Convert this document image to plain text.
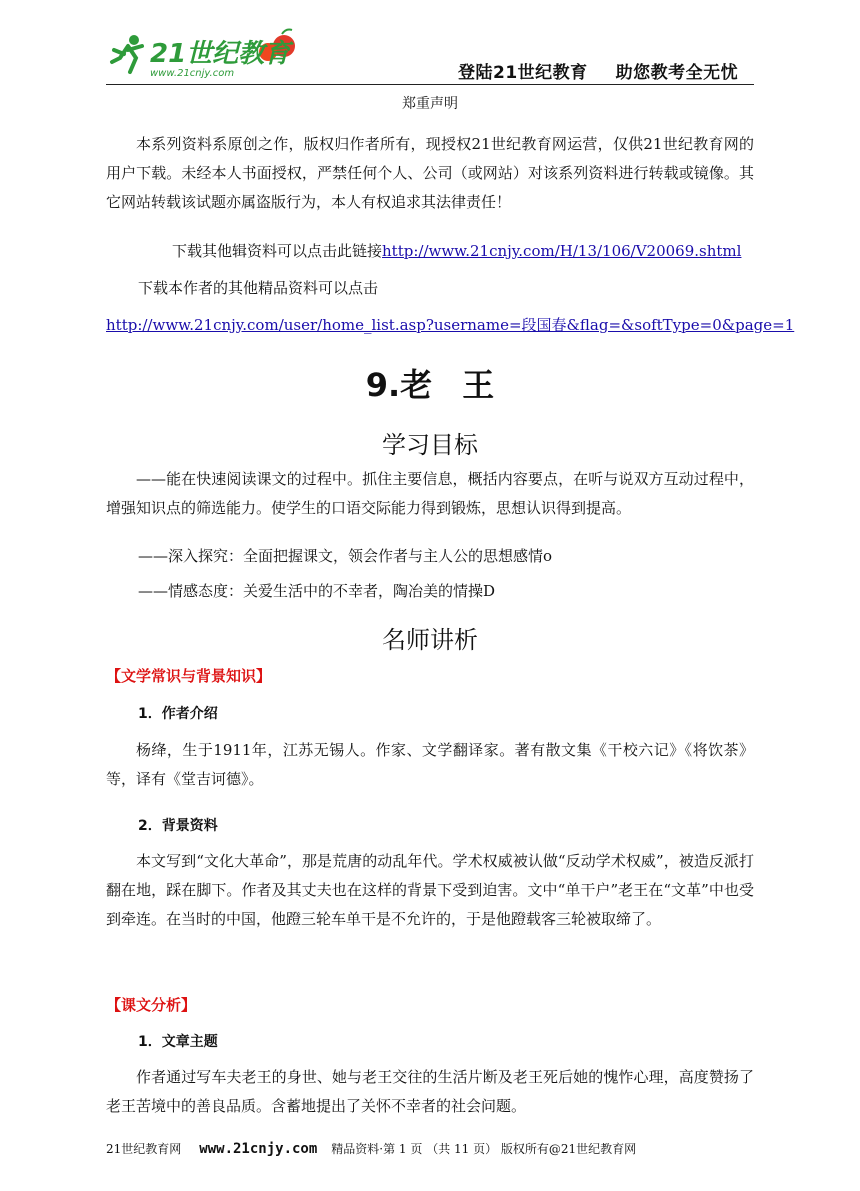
21世纪教育
www.21cnjy.com	登陆21世纪教育 助您教考全无忧
郑重声明
本系列资料系原创之作，版权归作者所有，现授权21世纪教育网运营，仅供21世纪教育网的用户下载。未经本人书面授权，严禁任何个人、公司（或网站）对该系列资料进行转载或镜像。其它网站转载该试题亦属盗版行为，本人有权追求其法律责任！
下载其他辑资料可以点击此链接http://www.21cnjy.com/H/13/106/V20069.shtml
下载本作者的其他精品资料可以点击
http://www.21cnjy.com/user/home_list.asp?username=段国春&flag=&softType=0&page=1
9.老 王
学习目标
——能在快速阅读课文的过程中。抓住主要信息，概括内容要点，在听与说双方互动过程中，增强知识点的筛选能力。使学生的口语交际能力得到锻炼，思想认识得到提高。
——深入探究：全面把握课文，领会作者与主人公的思想感情o
——情感态度：关爱生活中的不幸者，陶冶美的情操D
名师讲析
【文学常识与背景知识】
1．作者介绍
杨绛，生于1911年，江苏无锡人。作家、文学翻译家。著有散文集《干校六记》《将饮茶》等，译有《堂吉诃德》。
2．背景资料
本文写到“文化大革命”，那是荒唐的动乱年代。学术权威被认做“反动学术权威”，被造反派打翻在地，踩在脚下。作者及其丈夫也在这样的背景下受到迫害。文中“单干户”老王在“文革”中也受到牵连。在当时的中国，他蹬三轮车单干是不允许的，于是他蹬载客三轮被取缔了。
【课文分析】
1．文章主题
作者通过写车夫老王的身世、她与老王交往的生活片断及老王死后她的愧怍心理，高度赞扬了老王苦境中的善良品质。含蓄地提出了关怀不幸者的社会问题。
21世纪教育网 www.21cnjy.com 精品资料·第 1 页 （共 11 页） 版权所有@21世纪教育网
